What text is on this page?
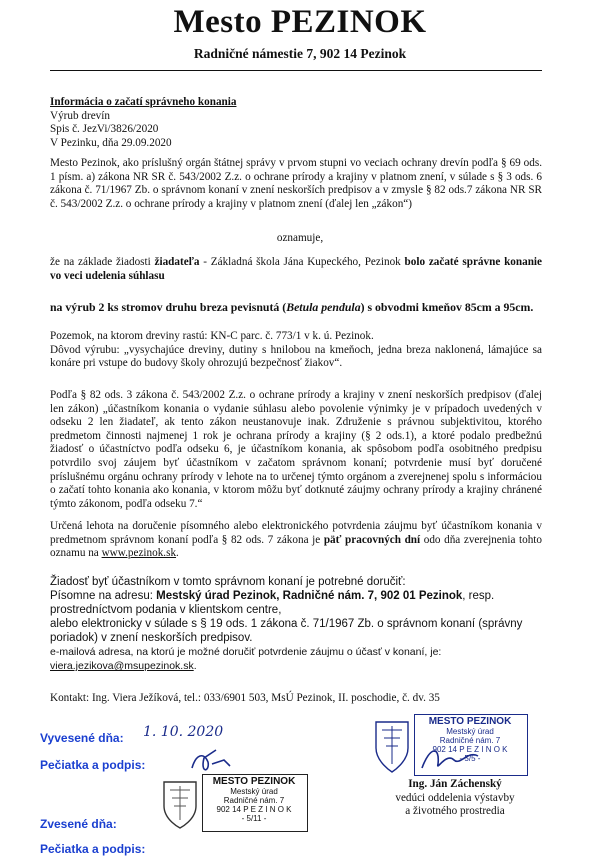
Mesto PEZINOK
Radničné námestie 7, 902 14 Pezinok
Informácia o začatí správneho konania
Výrub drevín
Spis č. JezVi/3826/2020
V Pezinku, dňa 29.09.2020
Mesto Pezinok, ako príslušný orgán štátnej správy v prvom stupni vo veciach ochrany drevín podľa § 69 ods. 1 písm. a) zákona NR SR č. 543/2002 Z.z. o ochrane prírody a krajiny v platnom znení, v súlade s § 3 ods. 6 zákona č. 71/1967 Zb. o správnom konaní v znení neskorších predpisov a v zmysle § 82 ods.7 zákona NR SR č. 543/2002 Z.z. o ochrane prírody a krajiny v platnom znení (ďalej len „zákon“)
oznamuje,
že na základe žiadosti žiadateľa - Základná škola Jána Kupeckého, Pezinok bolo začaté správne konanie vo veci udelenia súhlasu
na výrub 2 ks stromov druhu breza pevisnutá (Betula pendula) s obvodmi kmeňov 85cm a 95cm.
Pozemok, na ktorom dreviny rastú: KN-C parc. č. 773/1 v k. ú. Pezinok.
Dôvod výrubu: „vysychajúce dreviny, dutiny s hnilobou na kmeňoch, jedna breza naklonená, lámajúce sa konáre pri vstupe do budovy školy ohrozujú bezpečnosť žiakov“.
Podľa § 82 ods. 3 zákona č. 543/2002 Z.z. o ochrane prírody a krajiny v znení neskorších predpisov (ďalej len zákon) „účastníkom konania o vydanie súhlasu alebo povolenie výnimky je v prípadoch uvedených v odseku 2 len žiadateľ, ak tento zákon neustanovuje inak. Združenie s právnou subjektivitou, ktorého predmetom činnosti najmenej 1 rok je ochrana prírody a krajiny (§ 2 ods.1), a ktoré podalo predbežnú žiadosť o účastníctvo podľa odseku 6, je účastníkom konania, ak spôsobom podľa osobitného predpisu potvrdilo svoj záujem byť účastníkom v začatom správnom konaní; potvrdenie musí byť doručené príslušnému orgánu ochrany prírody v lehote na to určenej týmto orgánom a zverejnenej spolu s informáciou o začatí tohto konania ako konania, v ktorom môžu byť dotknuté záujmy ochrany prírody a krajiny chránené týmto zákonom, podľa odseku 7.“
Určená lehota na doručenie písomného alebo elektronického potvrdenia záujmu byť účastníkom konania v predmetnom správnom konaní podľa § 82 ods. 7 zákona je päť pracovných dní odo dňa zverejnenia tohto oznamu na www.pezinok.sk.
Žiadosť byť účastníkom v tomto správnom konaní je potrebné doručiť:
Písomne na adresu: Mestský úrad Pezinok, Radničné nám. 7, 902 01 Pezinok, resp.
prostredníctvom podania v klientskom centre,
alebo elektronicky v súlade s § 19 ods. 1 zákona č. 71/1967 Zb. o správnom konaní (správny poriadok) v znení neskorších predpisov.
e-mailová adresa, na ktorú je možné doručiť potvrdenie záujmu o účasť v konaní, je:
viera.jezikova@msupezinok.sk.
Kontakt: Ing. Viera Ježíková, tel.: 033/6901 503, MsÚ Pezinok, II. poschodie, č. dv. 35
Vyvesené dňa: 1. 10. 2020
Pečiatka a podpis:
Zvesené dňa:
Pečiatka a podpis:
MESTO PEZINOK
Mestský úrad
Radničné nám. 7
902 14 P E Z I N O K
- 5/11 -
MESTO PEZINOK
Mestský úrad
Radničné nám. 7
902 14 P E Z I N O K
- 5/5 -
Ing. Ján Záchenský
vedúci oddelenia výstavby
a životného prostredia
